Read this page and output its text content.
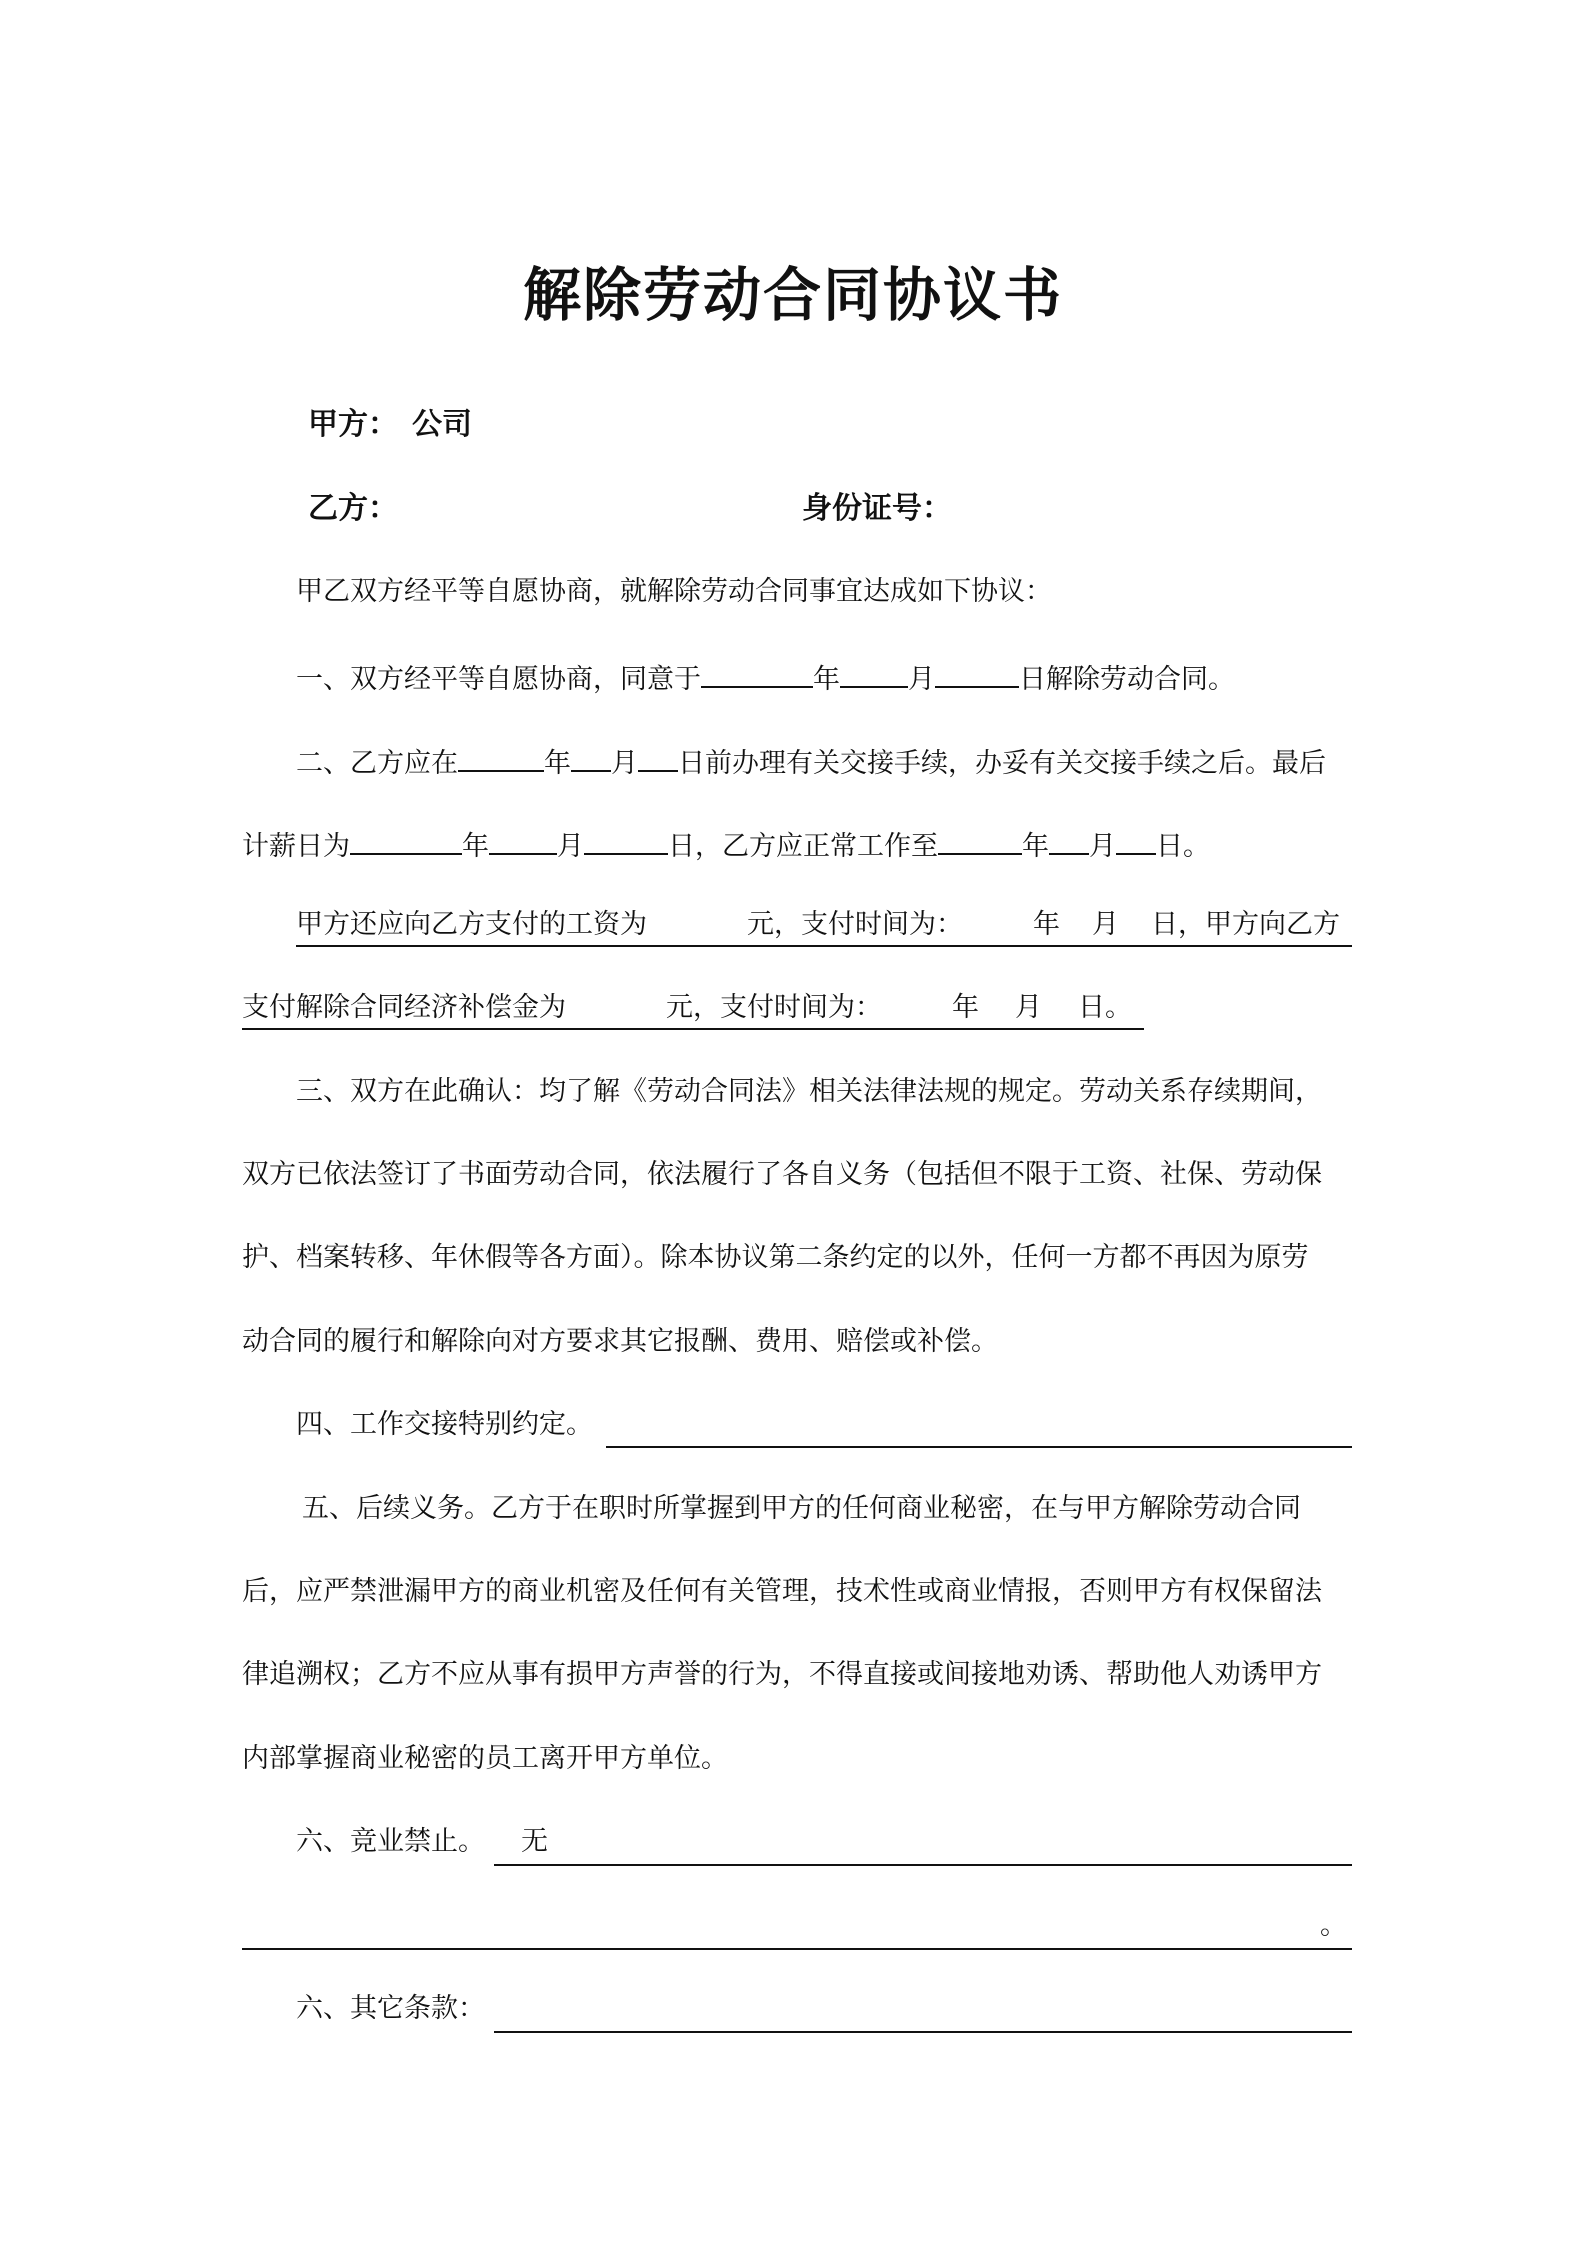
解除劳动合同协议书
甲方： 公司
乙方：	身份证号：
甲乙双方经平等自愿协商，就解除劳动合同事宜达成如下协议：
一、双方经平等自愿协商，同意于	年	月	日解除劳动合同。
二、乙方应在	年 月 日前办理有关交接手续，办妥有关交接手续之后。最后
计薪日为	年	月	日，乙方应正常工作至	年 月 日。
甲方还应向乙方支付的工资为	元，支付时间为：	年 月 日，甲方向乙方
支付解除合同经济补偿金为	元，支付时间为：	年 月 日。
三、双方在此确认：均了解《劳动合同法》相关法律法规的规定。劳动关系存续期间，
双方已依法签订了书面劳动合同，依法履行了各自义务（包括但不限于工资、社保、劳动保
护、档案转移、年休假等各方面）。除本协议第二条约定的以外，任何一方都不再因为原劳
动合同的履行和解除向对方要求其它报酬、费用、赔偿或补偿。
四、工作交接特别约定。
五、后续义务。乙方于在职时所掌握到甲方的任何商业秘密，在与甲方解除劳动合同
后，应严禁泄漏甲方的商业机密及任何有关管理，技术性或商业情报，否则甲方有权保留法
律追溯权；乙方不应从事有损甲方声誉的行为，不得直接或间接地劝诱、帮助他人劝诱甲方
内部掌握商业秘密的员工离开甲方单位。
六、竞业禁止。 无
。
六、其它条款：
